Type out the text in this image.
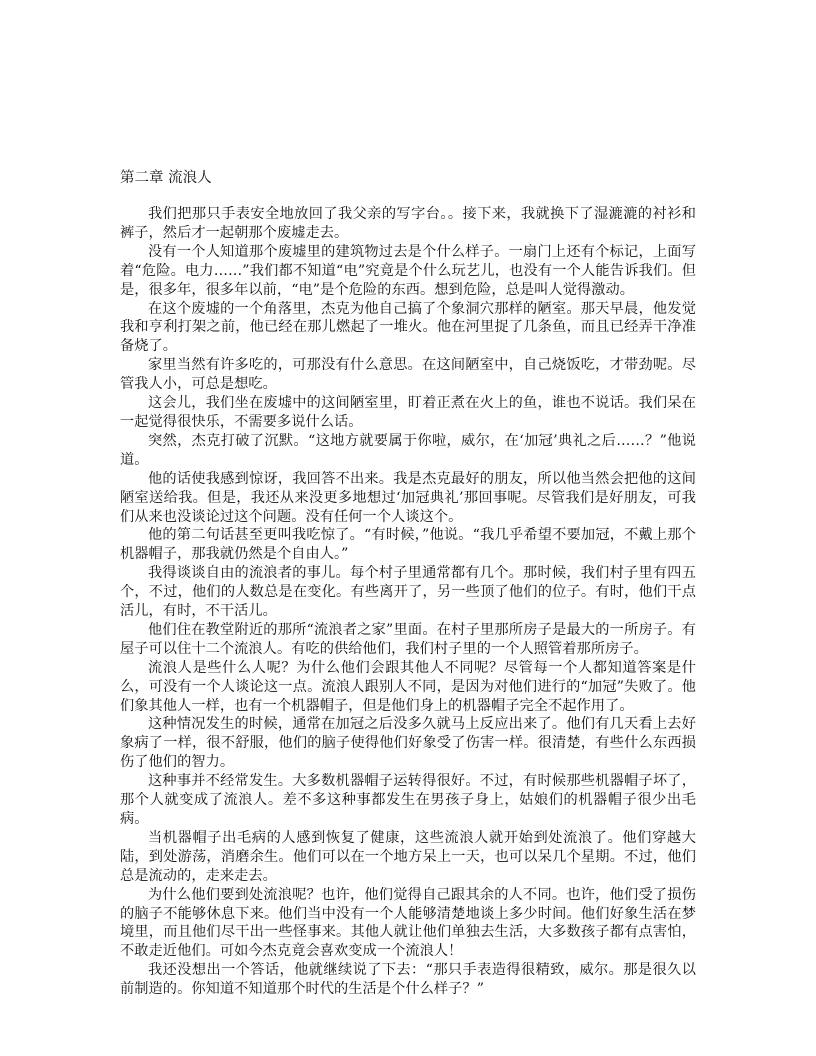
第二章 流浪人

我们把那只手表安全地放回了我父亲的写字台。。接下来，我就换下了湿漉漉的衬衫和裤子，然后才一起朝那个废墟走去。

没有一个人知道那个废墟里的建筑物过去是个什么样子。一扇门上还有个标记，上面写着“危险。电力……”我们都不知道“电”究竟是个什么玩艺儿，也没有一个人能告诉我们。但是，很多年，很多年以前，“电”是个危险的东西。想到危险，总是叫人觉得激动。

在这个废墟的一个角落里，杰克为他自己搞了个象洞穴那样的陋室。那天早晨，他发觉我和亨利打架之前，他已经在那儿燃起了一堆火。他在河里捉了几条鱼，而且已经弄干净准备烧了。

家里当然有许多吃的，可那没有什么意思。在这间陋室中，自己烧饭吃，才带劲呢。尽管我人小，可总是想吃。

这会儿，我们坐在废墟中的这间陋室里，盯着正煮在火上的鱼，谁也不说话。我们呆在一起觉得很快乐，不需要多说什么话。

突然，杰克打破了沉默。“这地方就要属于你啦，威尔，在‘加冠’典礼之后……？”他说道。

他的话使我感到惊讶，我回答不出来。我是杰克最好的朋友，所以他当然会把他的这间陋室送给我。但是，我还从来没更多地想过‘加冠典礼’那回事呢。尽管我们是好朋友，可我们从来也没谈论过这个问题。没有任何一个人谈这个。

他的第二句话甚至更叫我吃惊了。“有时候，”他说。“我几乎希望不要加冠，不戴上那个机器帽子，那我就仍然是个自由人。”

我得谈谈自由的流浪者的事儿。每个村子里通常都有几个。那时候，我们村子里有四五个，不过，他们的人数总是在变化。有些离开了，另一些顶了他们的位子。有时，他们干点活儿，有时，不干活儿。

他们住在教堂附近的那所“流浪者之家”里面。在村子里那所房子是最大的一所房子。有屋子可以住十二个流浪人。有吃的供给他们，我们村子里的一个人照管着那所房子。

流浪人是些什么人呢？为什么他们会跟其他人不同呢？尽管每一个人都知道答案是什么，可没有一个人谈论这一点。流浪人跟别人不同，是因为对他们进行的“加冠”失败了。他们象其他人一样，也有一个机器帽子，但是他们身上的机器帽子完全不起作用了。

这种情况发生的时候，通常在加冠之后没多久就马上反应出来了。他们有几天看上去好象病了一样，很不舒服，他们的脑子使得他们好象受了伤害一样。很清楚，有些什么东西损伤了他们的智力。

这种事并不经常发生。大多数机器帽子运转得很好。不过，有时候那些机器帽子坏了，那个人就变成了流浪人。差不多这种事都发生在男孩子身上，姑娘们的机器帽子很少出毛病。

当机器帽子出毛病的人感到恢复了健康，这些流浪人就开始到处流浪了。他们穿越大陆，到处游荡，消磨余生。他们可以在一个地方呆上一天，也可以呆几个星期。不过，他们总是流动的，走来走去。

为什么他们要到处流浪呢？也许，他们觉得自己跟其余的人不同。也许，他们受了损伤的脑子不能够休息下来。他们当中没有一个人能够清楚地谈上多少时间。他们好象生活在梦境里，而且他们尽干出一些怪事来。其他人就让他们单独去生活，大多数孩子都有点害怕，不敢走近他们。可如今杰克竟会喜欢变成一个流浪人！

我还没想出一个答话，他就继续说了下去：“那只手表造得很精致，威尔。那是很久以前制造的。你知道不知道那个时代的生活是个什么样子？”
